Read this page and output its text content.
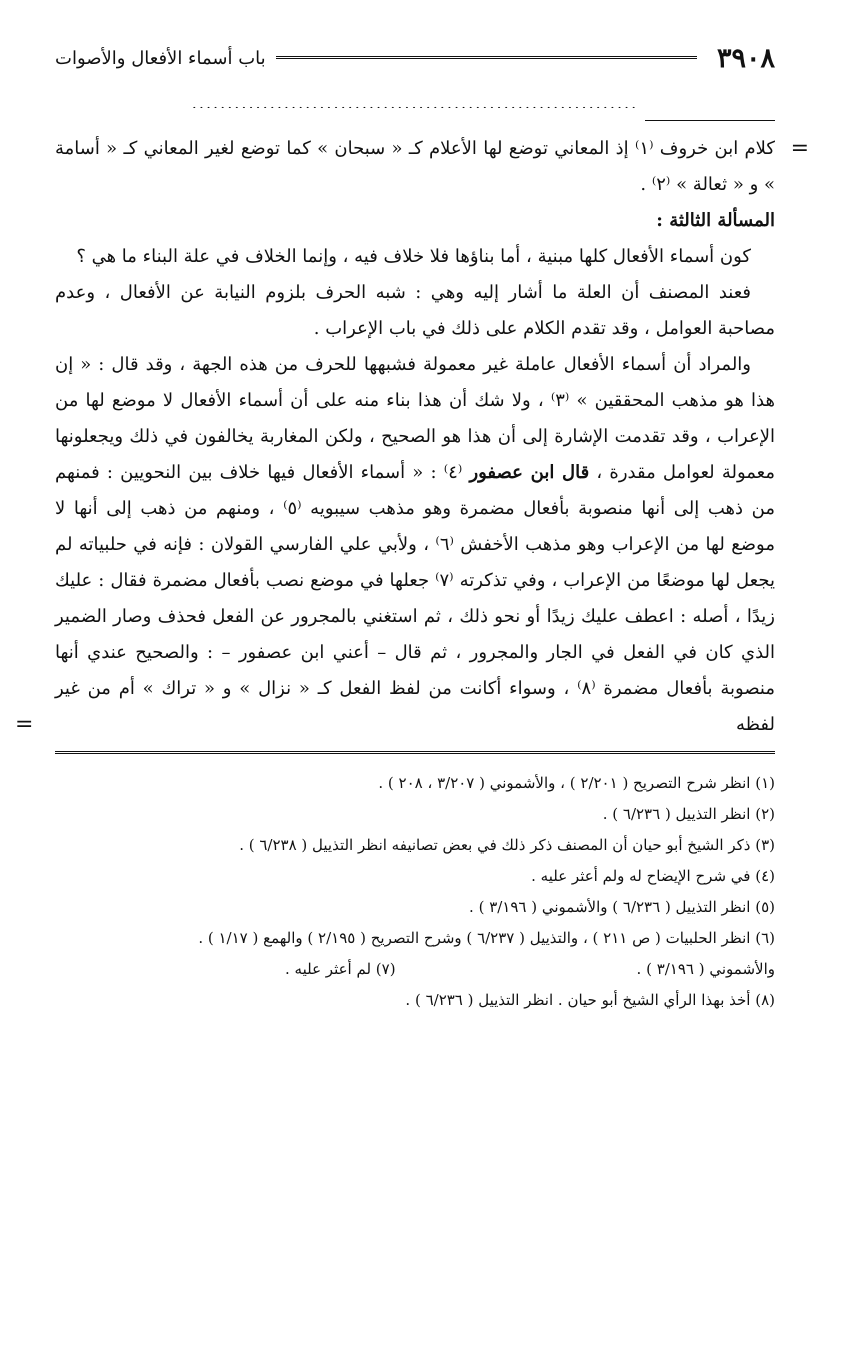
٣٩٠٨
باب أسماء الأفعال والأصوات
...............................................................

=
كلام ابن خروف ⁽١⁾ إذ المعاني توضع لها الأعلام كـ « سبحان » كما توضع لغير المعاني كـ « أسامة » و « ثعالة » ⁽٢⁾ .

المسألة الثالثة :

كون أسماء الأفعال كلها مبنية ، أما بناؤها فلا خلاف فيه ، وإنما الخلاف في علة البناء ما هي ؟

فعند المصنف أن العلة ما أشار إليه وهي : شبه الحرف بلزوم النيابة عن الأفعال ، وعدم مصاحبة العوامل ، وقد تقدم الكلام على ذلك في باب الإعراب .

والمراد أن أسماء الأفعال عاملة غير معمولة فشبهها للحرف من هذه الجهة ، وقد قال : « إن هذا هو مذهب المحققين » ⁽٣⁾ ، ولا شك أن هذا بناء منه على أن أسماء الأفعال لا موضع لها من الإعراب ، وقد تقدمت الإشارة إلى أن هذا هو الصحيح ، ولكن المغاربة يخالفون في ذلك ويجعلونها معمولة لعوامل مقدرة ، قال ابن عصفور ⁽٤⁾ : « أسماء الأفعال فيها خلاف بين النحويين : فمنهم من ذهب إلى أنها منصوبة بأفعال مضمرة وهو مذهب سيبويه ⁽٥⁾ ، ومنهم من ذهب إلى أنها لا موضع لها من الإعراب وهو مذهب الأخفش ⁽٦⁾ ، ولأبي علي الفارسي القولان : فإنه في حلبياته لم يجعل لها موضعًا من الإعراب ، وفي تذكرته ⁽٧⁾ جعلها في موضع نصب بأفعال مضمرة فقال : عليك زيدًا ، أصله : اعطف عليك زيدًا أو نحو ذلك ، ثم استغني بالمجرور عن الفعل فحذف وصار الضمير الذي كان في الفعل في الجار والمجرور ، ثم قال – أعني ابن عصفور – : والصحيح عندي أنها منصوبة بأفعال مضمرة ⁽٨⁾ ، وسواء أكانت من لفظ الفعل كـ « نزال » و « تراك » أم من غير لفظه
=

(١) انظر شرح التصريح ( ٢/٢٠١ ) ، والأشموني ( ٣/٢٠٧ ، ٢٠٨ ) .
(٢) انظر التذييل ( ٦/٢٣٦ ) .
(٣) ذكر الشيخ أبو حيان أن المصنف ذكر ذلك في بعض تصانيفه انظر التذييل ( ٦/٢٣٨ ) .
(٤) في شرح الإيضاح له ولم أعثر عليه .
(٥) انظر التذييل ( ٦/٢٣٦ ) والأشموني ( ٣/١٩٦ ) .
(٦) انظر الحلبيات ( ص ٢١١ ) ، والتذييل ( ٦/٢٣٧ ) وشرح التصريح ( ٢/١٩٥ ) والهمع ( ١/١٧ ) .
والأشموني ( ٣/١٩٦ ) .
(٧) لم أعثر عليه .
(٨) أخذ بهذا الرأي الشيخ أبو حيان . انظر التذييل ( ٦/٢٣٦ ) .
